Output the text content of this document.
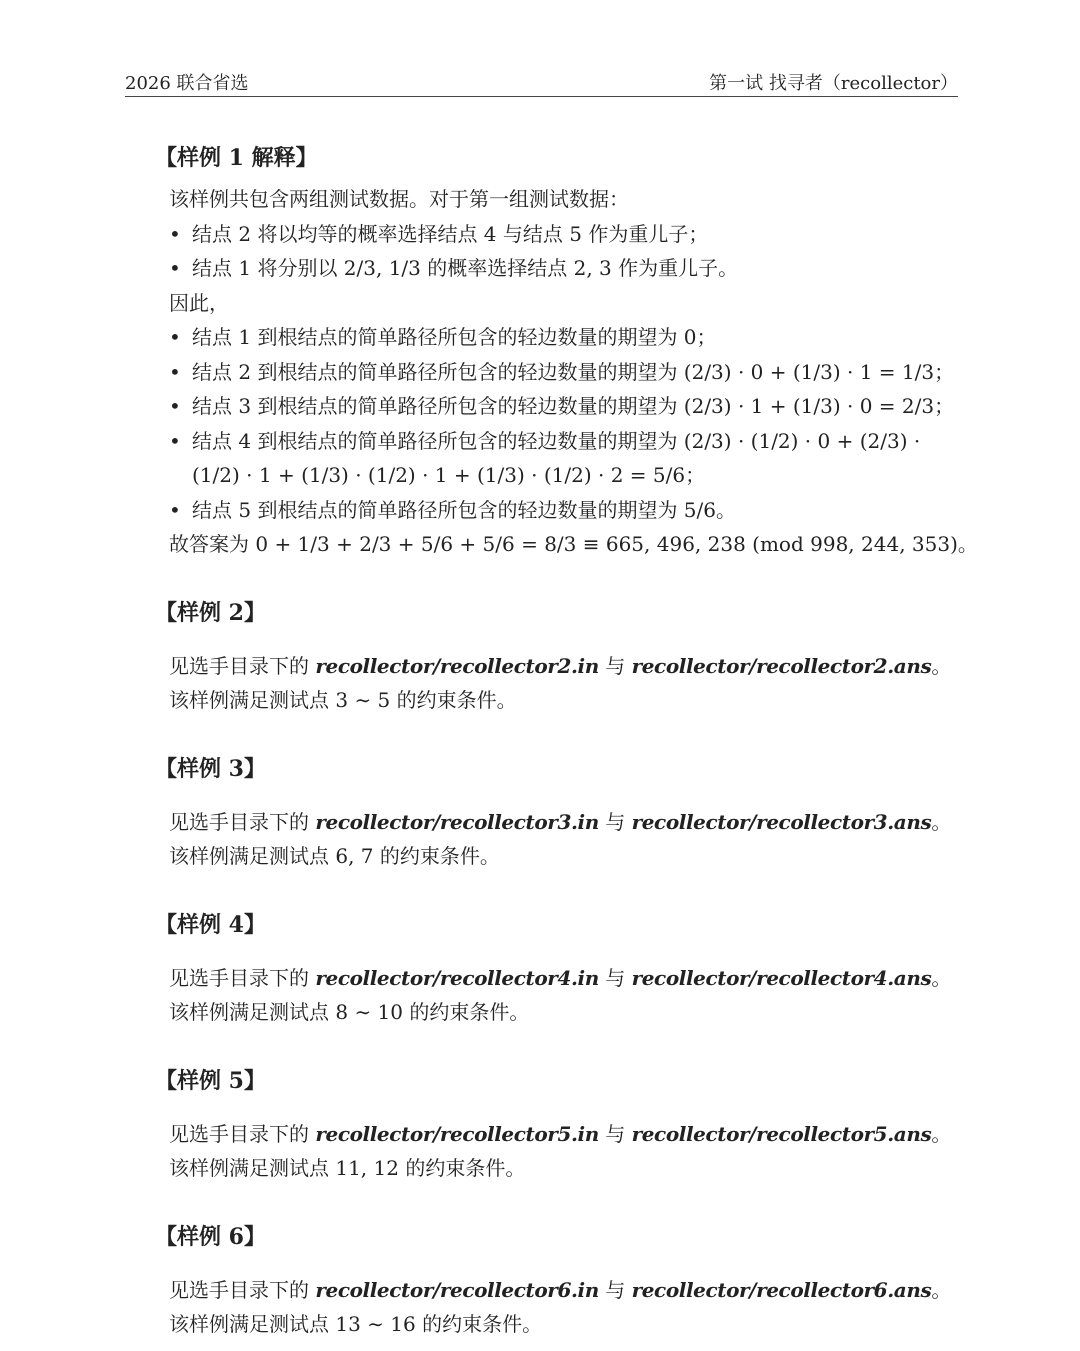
2026 联合省选	第一试 找寻者（recollector）
【样例 1 解释】

该样例共包含两组测试数据。对于第一组测试数据：

• 结点 2 将以均等的概率选择结点 4 与结点 5 作为重儿子；
• 结点 1 将分别以 2/3, 1/3 的概率选择结点 2, 3 作为重儿子。

因此，

• 结点 1 到根结点的简单路径所包含的轻边数量的期望为 0；
• 结点 2 到根结点的简单路径所包含的轻边数量的期望为 (2/3) · 0 + (1/3) · 1 = 1/3；
• 结点 3 到根结点的简单路径所包含的轻边数量的期望为 (2/3) · 1 + (1/3) · 0 = 2/3；
• 结点 4 到根结点的简单路径所包含的轻边数量的期望为 (2/3) · (1/2) · 0 + (2/3) ·
(1/2) · 1 + (1/3) · (1/2) · 1 + (1/3) · (1/2) · 2 = 5/6；
• 结点 5 到根结点的简单路径所包含的轻边数量的期望为 5/6。

故答案为 0 + 1/3 + 2/3 + 5/6 + 5/6 = 8/3 ≡ 665, 496, 238 (mod 998, 244, 353)。

【样例 2】

见选手目录下的 recollector/recollector2.in 与 recollector/recollector2.ans。

该样例满足测试点 3 ∼ 5 的约束条件。

【样例 3】

见选手目录下的 recollector/recollector3.in 与 recollector/recollector3.ans。

该样例满足测试点 6, 7 的约束条件。

【样例 4】

见选手目录下的 recollector/recollector4.in 与 recollector/recollector4.ans。

该样例满足测试点 8 ∼ 10 的约束条件。

【样例 5】

见选手目录下的 recollector/recollector5.in 与 recollector/recollector5.ans。

该样例满足测试点 11, 12 的约束条件。

【样例 6】

见选手目录下的 recollector/recollector6.in 与 recollector/recollector6.ans。

该样例满足测试点 13 ∼ 16 的约束条件。
